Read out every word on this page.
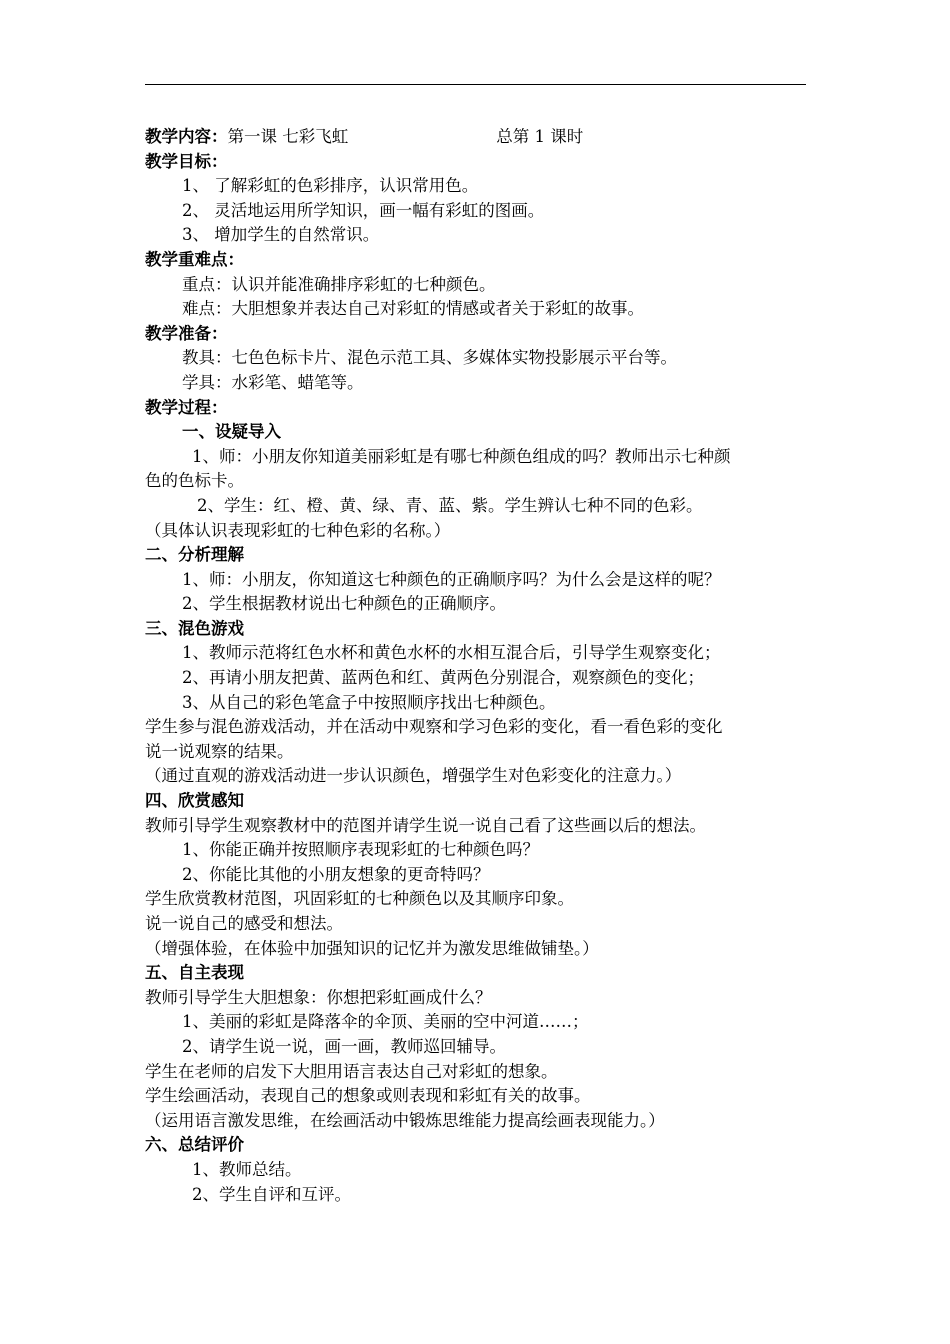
教学内容：第一课 七彩飞虹	总第 1 课时
教学目标：
1、 了解彩虹的色彩排序，认识常用色。
2、 灵活地运用所学知识，画一幅有彩虹的图画。
3、 增加学生的自然常识。
教学重难点：
重点：认识并能准确排序彩虹的七种颜色。
难点：大胆想象并表达自己对彩虹的情感或者关于彩虹的故事。
教学准备：
教具：七色色标卡片、混色示范工具、多媒体实物投影展示平台等。
学具：水彩笔、蜡笔等。
教学过程：
一、设疑导入
1、师：小朋友你知道美丽彩虹是有哪七种颜色组成的吗？教师出示七种颜
色的色标卡。
2、学生：红、橙、黄、绿、青、蓝、紫。学生辨认七种不同的色彩。
（具体认识表现彩虹的七种色彩的名称。）
二、分析理解
1、师：小朋友，你知道这七种颜色的正确顺序吗？为什么会是这样的呢？
2、学生根据教材说出七种颜色的正确顺序。
三、混色游戏
1、教师示范将红色水杯和黄色水杯的水相互混合后，引导学生观察变化；
2、再请小朋友把黄、蓝两色和红、黄两色分别混合，观察颜色的变化；
3、从自己的彩色笔盒子中按照顺序找出七种颜色。
学生参与混色游戏活动，并在活动中观察和学习色彩的变化，看一看色彩的变化
说一说观察的结果。
（通过直观的游戏活动进一步认识颜色，增强学生对色彩变化的注意力。）
四、欣赏感知
教师引导学生观察教材中的范图并请学生说一说自己看了这些画以后的想法。
1、你能正确并按照顺序表现彩虹的七种颜色吗？
2、你能比其他的小朋友想象的更奇特吗？
学生欣赏教材范图，巩固彩虹的七种颜色以及其顺序印象。
说一说自己的感受和想法。
（增强体验，在体验中加强知识的记忆并为激发思维做铺垫。）
五、自主表现
教师引导学生大胆想象：你想把彩虹画成什么？
1、美丽的彩虹是降落伞的伞顶、美丽的空中河道……；
2、请学生说一说，画一画，教师巡回辅导。
学生在老师的启发下大胆用语言表达自己对彩虹的想象。
学生绘画活动，表现自己的想象或则表现和彩虹有关的故事。
（运用语言激发思维，在绘画活动中锻炼思维能力提高绘画表现能力。）
六、总结评价
1、教师总结。
2、学生自评和互评。
